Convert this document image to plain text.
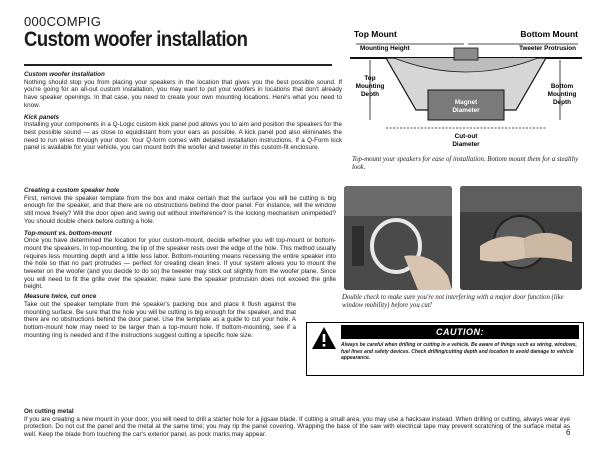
000COMPIG
Custom woofer installation
Custom woofer installation

Nothing should stop you from placing your speakers in the location that gives you the best possible sound. If you're going for an all-out custom installation, you may want to put your woofers in locations that don't already have speaker openings. In that case, you need to create your own mounting locations. Here's what you need to know.

Kick panels

Installing your components in a Q-Logic custom kick panel pod allows you to aim and position the speakers for the best possible sound — as close to equidistant from your ears as possible. A kick panel pod also eliminates the need to run wires through your door. Your Q-form comes with detailed installation instructions. If a Q-Form kick panel is available for your vehicle, you can mount both the woofer and tweeter in this custom-fit enclosure.

Creating a custom speaker hole

First, remove the speaker template from the box and make certain that the surface you will be cutting is big enough for the speaker, and that there are no obstructions behind the door panel. For instance, will the window still move freely? Will the door open and swing out without interference? Is the locking mechanism unimpeded? You should double check before cutting a hole.

Top-mount vs. bottom-mount

Once you have determined the location for your custom-mount, decide whether you will top-mount or bottom-mount the speakers. In top-mounting, the lip of the speaker rests over the edge of the hole. This method usually requires less mounting depth and a little less labor. Bottom-mounting means recessing the entire speaker into the hole so that no part protrudes — perfect for creating clean lines. If your system allows you to mount the tweeter on the woofer (and you decide to do so) the tweeter may stick out slightly from the woofer plane. Since you will need to fit the grille over the speaker, make sure the speaker protrusion does not exceed the grille height.

Measure twice, cut once

Take out the speaker template from the speaker's packing box and place it flush against the mounting surface. Be sure that the hole you will be cutting is big enough for the speaker, and that there are no obstructions behind the door panel. Use the template as a guide to cut your hole. A bottom-mount hole may need to be larger than a top-mount hole. If bottom-mounting, see if a mounting ring is needed and if the instructions suggest cutting a specific hole size.

On cutting metal

If you are creating a new mount in your door, you will need to drill a starter hole for a jigsaw blade. If cutting a small area, you may use a hacksaw instead. When drilling or cutting, always wear eye protection. Do not cut the panel and the metal at the same time; you may rip the panel covering. Wrapping the base of the saw with electrical tape may prevent scratching of the surface metal as well. Keep the blade from touching the car's exterior panel, as pock marks may appear.

Top Mount	Bottom Mount
Mounting Height	Tweeter Protrusion
Magnet
Diameter
Top
Mounting
Depth
Bottom
Mounting
Depth
Cut-out
Diameter
Top-mount your speakers for ease of installation. Bottom mount them for a stealthy look.
Double check to make sure you're not interfering with a major door function (like window mobility) before you cut!
CAUTION:
Always be careful when drilling or cutting in a vehicle. Be aware of things such as wiring, windows, fuel lines and safety devices. Check drilling/cutting depth and location to avoid damage to vehicle appearance.
6
